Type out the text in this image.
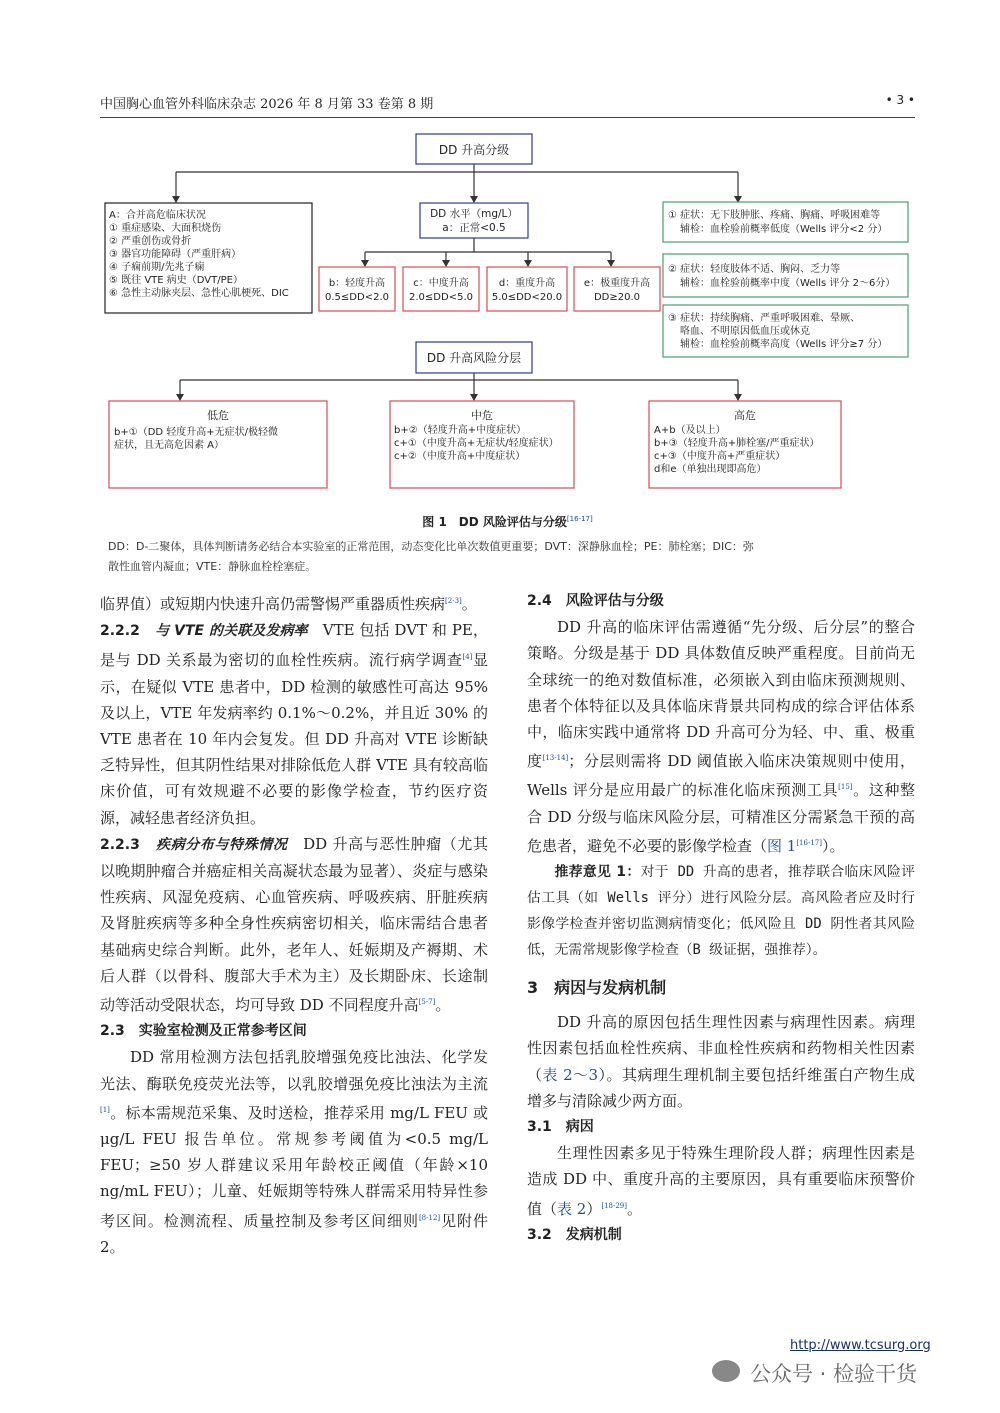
中国胸心血管外科临床杂志 2026 年 8 月第 33 卷第 8 期	• 3 •
DD 升高分级
A：合并高危临床状况 ① 重症感染、大面积烧伤 ② 严重创伤或骨折 ③ 器官功能障碍（严重肝病） ④ 子痫前期/先兆子痫 ⑤ 既往 VTE 病史（DVT/PE） ⑥ 急性主动脉夹层、急性心肌梗死、DIC
DD 水平（mg/L）
a：正常<0.5
b：轻度升高
0.5≤DD<2.0
c：中度升高
2.0≤DD<5.0
d：重度升高
5.0≤DD<20.0
e：极重度升高
DD≥20.0
① 症状：无下肢肿胀、疼痛、胸痛、呼吸困难等 辅检：血栓验前概率低度（Wells 评分<2 分）
② 症状：轻度肢体不适、胸闷、乏力等 辅检：血栓验前概率中度（Wells 评分 2～6分）
③ 症状：持续胸痛、严重呼吸困难、晕厥、 咯血、不明原因低血压或休克 辅检：血栓验前概率高度（Wells 评分≥7 分）
DD 升高风险分层
低危
b+①（DD 轻度升高+无症状/极轻微 症状，且无高危因素 A）
中危
b+②（轻度升高+中度症状） c+①（中度升高+无症状/轻度症状） c+②（中度升高+中度症状）
高危
A+b（及以上） b+③（轻度升高+肺栓塞/严重症状） c+③（中度升高+严重症状） d和e（单独出现即高危）
图 1　DD 风险评估与分级[16-17]
DD：D-二聚体，具体判断请务必结合本实验室的正常范围，动态变化比单次数值更重要；DVT：深静脉血栓；PE：肺栓塞；DIC：弥
散性血管内凝血；VTE：静脉血栓栓塞症。

临界值）或短期内快速升高仍需警惕严重器质性疾病[2-3]。

2.2.2　 与 VTE 的关联及发病率　 VTE 包括 DVT 和 PE，是与 DD 关系最为密切的血栓性疾病。流行病学调查[4]显示，在疑似 VTE 患者中，DD 检测的敏感性可高达 95% 及以上，VTE 年发病率约 0.1%～0.2%，并且近 30% 的 VTE 患者在 10 年内会复发。但 DD 升高对 VTE 诊断缺乏特异性，但其阴性结果对排除低危人群 VTE 具有较高临床价值，可有效规避不必要的影像学检查，节约医疗资源，减轻患者经济负担。

2.2.3　 疾病分布与特殊情况　 DD 升高与恶性肿瘤（尤其以晚期肿瘤合并癌症相关高凝状态最为显著）、炎症与感染性疾病、风湿免疫病、心血管疾病、呼吸疾病、肝脏疾病及肾脏疾病等多种全身性疾病密切相关，临床需结合患者基础病史综合判断。此外，老年人、妊娠期及产褥期、术后人群（以骨科、腹部大手术为主）及长期卧床、长途制动等活动受限状态，均可导致 DD 不同程度升高[5-7]。

2.3　实验室检测及正常参考区间

DD 常用检测方法包括乳胶增强免疫比浊法、化学发光法、酶联免疫荧光法等，以乳胶增强免疫比浊法为主流[1]。标本需规范采集、及时送检，推荐采用 mg/L FEU 或 μg/L FEU 报告单位。常规参考阈值为<0.5 mg/L FEU；≥50 岁人群建议采用年龄校正阈值（年龄×10 ng/mL FEU）；儿童、妊娠期等特殊人群需采用特异性参考区间。检测流程、质量控制及参考区间细则[8-12]见附件 2。

2.4　风险评估与分级

DD 升高的临床评估需遵循“先分级、后分层”的整合策略。分级是基于 DD 具体数值反映严重程度。目前尚无全球统一的绝对数值标准，必须嵌入到由临床预测规则、患者个体特征以及具体临床背景共同构成的综合评估体系中，临床实践中通常将 DD 升高可分为轻、中、重、极重度[13-14]；分层则需将 DD 阈值嵌入临床决策规则中使用，Wells 评分是应用最广的标准化临床预测工具[15]。这种整合 DD 分级与临床风险分层，可精准区分需紧急干预的高危患者，避免不必要的影像学检查（图 1[16-17]）。

推荐意见 1：对于 DD 升高的患者，推荐联合临床风险评估工具（如 Wells 评分）进行风险分层。高风险者应及时行影像学检查并密切监测病情变化；低风险且 DD 阴性者其风险低，无需常规影像学检查（B 级证据，强推荐）。

3　病因与发病机制

DD 升高的原因包括生理性因素与病理性因素。病理性因素包括血栓性疾病、非血栓性疾病和药物相关性因素（表 2～3）。其病理生理机制主要包括纤维蛋白产物生成增多与清除减少两方面。

3.1　病因

生理性因素多见于特殊生理阶段人群；病理性因素是造成 DD 中、重度升高的主要原因，具有重要临床预警价值（表 2）[18-29]。

3.2　发病机制

http://www.tcsurg.org
公众号 · 检验干货
